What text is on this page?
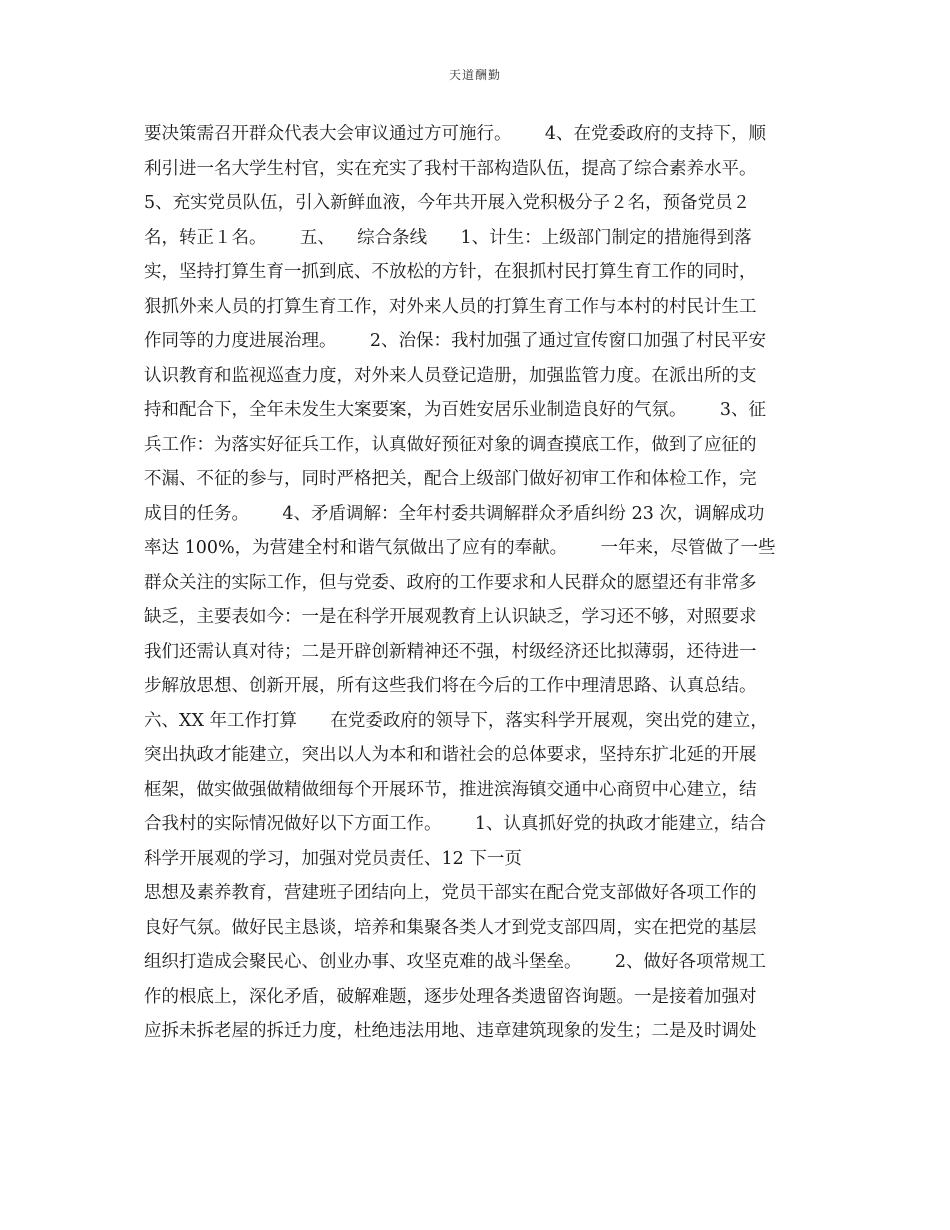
天道酬勤
要决策需召开群众代表大会审议通过方可施行。      4、在党委政府的支持下，顺
利引进一名大学生村官，实在充实了我村干部构造队伍，提高了综合素养水平。
5、充实党员队伍，引入新鲜血液，今年共开展入党积极分子２名，预备党员２
名，转正１名。      五、    综合条线      1、计生：上级部门制定的措施得到落
实，坚持打算生育一抓到底、不放松的方针，在狠抓村民打算生育工作的同时，
狠抓外来人员的打算生育工作，对外来人员的打算生育工作与本村的村民计生工
作同等的力度进展治理。      2、治保：我村加强了通过宣传窗口加强了村民平安
认识教育和监视巡查力度，对外来人员登记造册，加强监管力度。在派出所的支
持和配合下，全年未发生大案要案，为百姓安居乐业制造良好的气氛。      3、征
兵工作：为落实好征兵工作，认真做好预征对象的调查摸底工作，做到了应征的
不漏、不征的参与，同时严格把关，配合上级部门做好初审工作和体检工作，完
成目的任务。      4、矛盾调解：全年村委共调解群众矛盾纠纷 23 次，调解成功
率达 100%，为营建全村和谐气氛做出了应有的奉献。      一年来，尽管做了一些
群众关注的实际工作，但与党委、政府的工作要求和人民群众的愿望还有非常多
缺乏，主要表如今：一是在科学开展观教育上认识缺乏，学习还不够，对照要求
我们还需认真对待；二是开辟创新精神还不强，村级经济还比拟薄弱，还待进一
步解放思想、创新开展，所有这些我们将在今后的工作中理清思路、认真总结。
六、XX 年工作打算      在党委政府的领导下，落实科学开展观，突出党的建立，
突出执政才能建立，突出以人为本和和谐社会的总体要求，坚持东扩北延的开展
框架，做实做强做精做细每个开展环节，推进滨海镇交通中心商贸中心建立，结
合我村的实际情况做好以下方面工作。      1、认真抓好党的执政才能建立，结合
科学开展观的学习，加强对党员责任、12 下一页
思想及素养教育，营建班子团结向上，党员干部实在配合党支部做好各项工作的
良好气氛。做好民主恳谈，培养和集聚各类人才到党支部四周，实在把党的基层
组织打造成会聚民心、创业办事、攻坚克难的战斗堡垒。      2、做好各项常规工
作的根底上，深化矛盾，破解难题，逐步处理各类遗留咨询题。一是接着加强对
应拆未拆老屋的拆迁力度，杜绝违法用地、违章建筑现象的发生；二是及时调处
